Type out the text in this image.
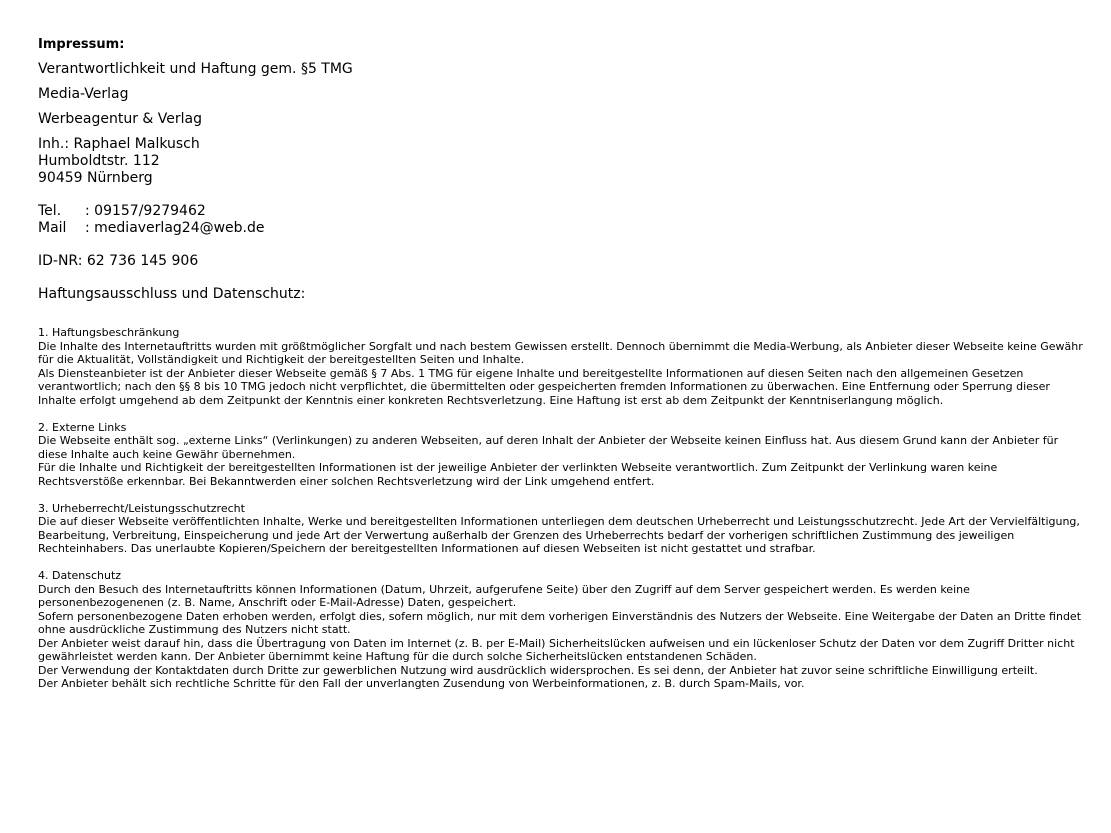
Impressum:
Verantwortlichkeit und Haftung gem. §5 TMG
Media-Verlag
Werbeagentur & Verlag
Inh.: Raphael Malkusch
Humboldtstr. 112
90459 Nürnberg
Tel.	: 09157/9279462
Mail	: mediaverlag24@web.de
ID-NR: 62 736 145 906
Haftungsausschluss und Datenschutz:
1. Haftungsbeschränkung
Die Inhalte des Internetauftritts wurden mit größtmöglicher Sorgfalt und nach bestem Gewissen erstellt. Dennoch übernimmt die Media-Werbung, als Anbieter dieser Webseite keine Gewähr für die Aktualität, Vollständigkeit und Richtigkeit der bereitgestellten Seiten und Inhalte.
Als Diensteanbieter ist der Anbieter dieser Webseite gemäß § 7 Abs. 1 TMG für eigene Inhalte und bereitgestellte Informationen auf diesen Seiten nach den allgemeinen Gesetzen verantwortlich; nach den §§ 8 bis 10 TMG jedoch nicht verpflichtet, die übermittelten oder gespeicherten fremden Informationen zu überwachen. Eine Entfernung oder Sperrung dieser Inhalte erfolgt umgehend ab dem Zeitpunkt der Kenntnis einer konkreten Rechtsverletzung. Eine Haftung ist erst ab dem Zeitpunkt der Kenntniserlangung möglich.
2. Externe Links
Die Webseite enthält sog. „externe Links“ (Verlinkungen) zu anderen Webseiten, auf deren Inhalt der Anbieter der Webseite keinen Einfluss hat. Aus diesem Grund kann der Anbieter für diese Inhalte auch keine Gewähr übernehmen.
Für die Inhalte und Richtigkeit der bereitgestellten Informationen ist der jeweilige Anbieter der verlinkten Webseite verantwortlich. Zum Zeitpunkt der Verlinkung waren keine Rechtsverstöße erkennbar. Bei Bekanntwerden einer solchen Rechtsverletzung wird der Link umgehend entfert.
3. Urheberrecht/Leistungsschutzrecht
Die auf dieser Webseite veröffentlichten Inhalte, Werke und bereitgestellten Informationen unterliegen dem deutschen Urheberrecht und Leistungsschutzrecht. Jede Art der Vervielfältigung, Bearbeitung, Verbreitung, Einspeicherung und jede Art der Verwertung außerhalb der Grenzen des Urheberrechts bedarf der vorherigen schriftlichen Zustimmung des jeweiligen Rechteinhabers. Das unerlaubte Kopieren/Speichern der bereitgestellten Informationen auf diesen Webseiten ist nicht gestattet und strafbar.
4. Datenschutz
Durch den Besuch des Internetauftritts können Informationen (Datum, Uhrzeit, aufgerufene Seite) über den Zugriff auf dem Server gespeichert werden. Es werden keine personenbezogenenen (z. B. Name, Anschrift oder E-Mail-Adresse) Daten, gespeichert.
Sofern personenbezogene Daten erhoben werden, erfolgt dies, sofern möglich, nur mit dem vorherigen Einverständnis des Nutzers der Webseite. Eine Weitergabe der Daten an Dritte findet ohne ausdrückliche Zustimmung des Nutzers nicht statt.
Der Anbieter weist darauf hin, dass die Übertragung von Daten im Internet (z. B. per E-Mail) Sicherheitslücken aufweisen und ein lückenloser Schutz der Daten vor dem Zugriff Dritter nicht gewährleistet werden kann. Der Anbieter übernimmt keine Haftung für die durch solche Sicherheitslücken entstandenen Schäden.
Der Verwendung der Kontaktdaten durch Dritte zur gewerblichen Nutzung wird ausdrücklich widersprochen. Es sei denn, der Anbieter hat zuvor seine schriftliche Einwilligung erteilt.
Der Anbieter behält sich rechtliche Schritte für den Fall der unverlangten Zusendung von Werbeinformationen, z. B. durch Spam-Mails, vor.
